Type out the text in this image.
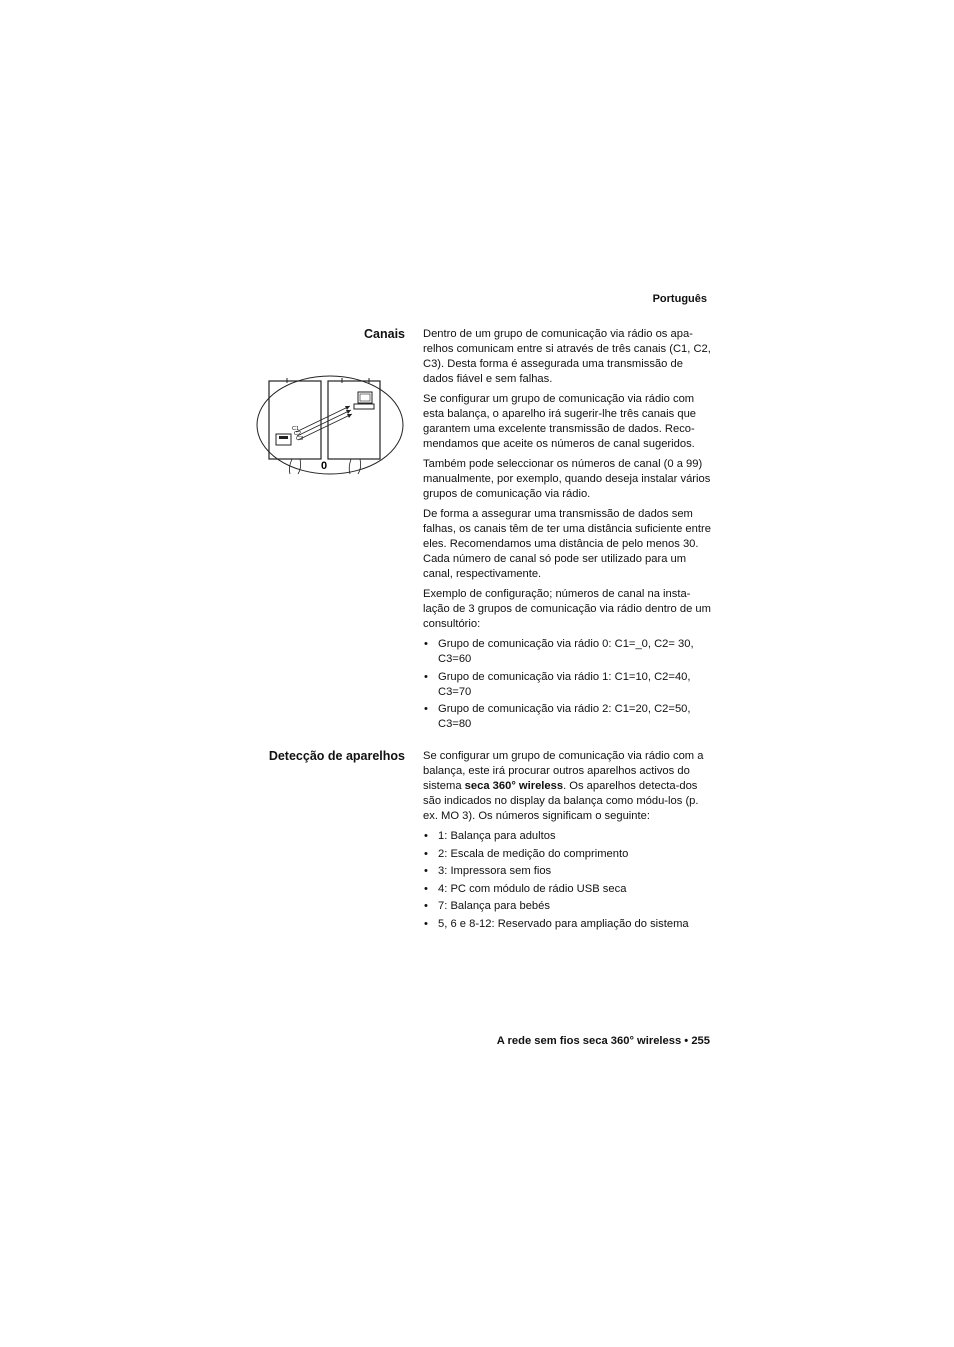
Português
Canais
C1
C2
C3
0

Dentro de um grupo de comunicação via rádio os apa-relhos comunicam entre si através de três canais (C1, C2, C3). Desta forma é assegurada uma transmissão de dados fiável e sem falhas.

Se configurar um grupo de comunicação via rádio com esta balança, o aparelho irá sugerir-lhe três canais que garantem uma excelente transmissão de dados. Reco-mendamos que aceite os números de canal sugeridos.

Também pode seleccionar os números de canal (0 a 99) manualmente, por exemplo, quando deseja instalar vários grupos de comunicação via rádio.

De forma a assegurar uma transmissão de dados sem falhas, os canais têm de ter uma distância suficiente entre eles. Recomendamos uma distância de pelo menos 30. Cada número de canal só pode ser utilizado para um canal, respectivamente.

Exemplo de configuração; números de canal na insta-lação de 3 grupos de comunicação via rádio dentro de um consultório:

• Grupo de comunicação via rádio 0: C1=_0, C2= 30, C3=60
• Grupo de comunicação via rádio 1: C1=10, C2=40, C3=70
• Grupo de comunicação via rádio 2: C1=20, C2=50, C3=80
Detecção de aparelhos Se configurar um grupo de comunicação via rádio com a balança, este irá procurar outros aparelhos activos do sistema seca 360° wireless. Os aparelhos detecta-dos são indicados no display da balança como módu-los (p. ex. MO 3). Os números significam o seguinte:

• 1: Balança para adultos
• 2: Escala de medição do comprimento
• 3: Impressora sem fios
• 4: PC com módulo de rádio USB seca
• 7: Balança para bebés
• 5, 6 e 8-12: Reservado para ampliação do sistema
A rede sem fios seca 360° wireless • 255
